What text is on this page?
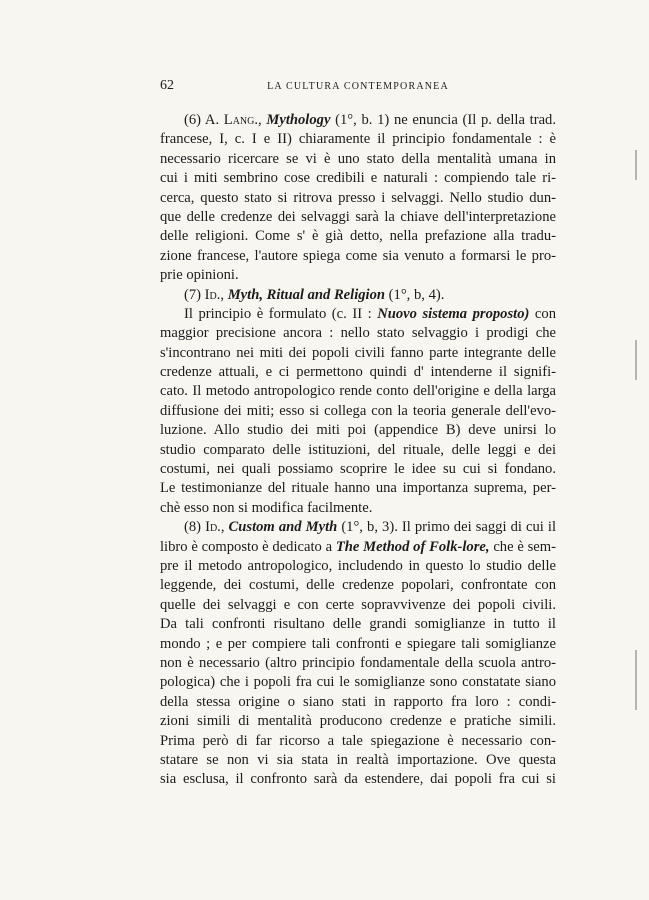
62	LA CULTURA CONTEMPORANEA
(6) A. Lang., Mythology (1°, b. 1) ne enuncia (Il p. della trad.
francese, I, c. I e II) chiaramente il principio fondamentale : è
necessario ricercare se vi è uno stato della mentalità umana in
cui i miti sembrino cose credibili e naturali : compiendo tale ri-
cerca, questo stato si ritrova presso i selvaggi. Nello studio dun-
que delle credenze dei selvaggi sarà la chiave dell'interpretazione
delle religioni. Come s' è già detto, nella prefazione alla tradu-
zione francese, l'autore spiega come sia venuto a formarsi le pro-
prie opinioni.
(7) Id., Myth, Ritual and Religion (1°, b, 4).
Il principio è formulato (c. II : Nuovo sistema proposto) con
maggior precisione ancora : nello stato selvaggio i prodigi che
s'incontrano nei miti dei popoli civili fanno parte integrante delle
credenze attuali, e ci permettono quindi d' intenderne il signifi-
cato. Il metodo antropologico rende conto dell'origine e della larga
diffusione dei miti; esso si collega con la teoria generale dell'evo-
luzione. Allo studio dei miti poi (appendice B) deve unirsi lo
studio comparato delle istituzioni, del rituale, delle leggi e dei
costumi, nei quali possiamo scoprire le idee su cui si fondano.
Le testimonianze del rituale hanno una importanza suprema, per-
chè esso non si modifica facilmente.
(8) Id., Custom and Myth (1°, b, 3). Il primo dei saggi di cui il
libro è composto è dedicato a The Method of Folk-lore, che è sem-
pre il metodo antropologico, includendo in questo lo studio delle
leggende, dei costumi, delle credenze popolari, confrontate con
quelle dei selvaggi e con certe sopravvivenze dei popoli civili.
Da tali confronti risultano delle grandi somiglianze in tutto il
mondo ; e per compiere tali confronti e spiegare tali somiglianze
non è necessario (altro principio fondamentale della scuola antro-
pologica) che i popoli fra cui le somiglianze sono constatate siano
della stessa origine o siano stati in rapporto fra loro : condi-
zioni simili di mentalità producono credenze e pratiche simili.
Prima però di far ricorso a tale spiegazione è necessario con-
statare se non vi sia stata in realtà importazione. Ove questa
sia esclusa, il confronto sarà da estendere, dai popoli fra cui si
